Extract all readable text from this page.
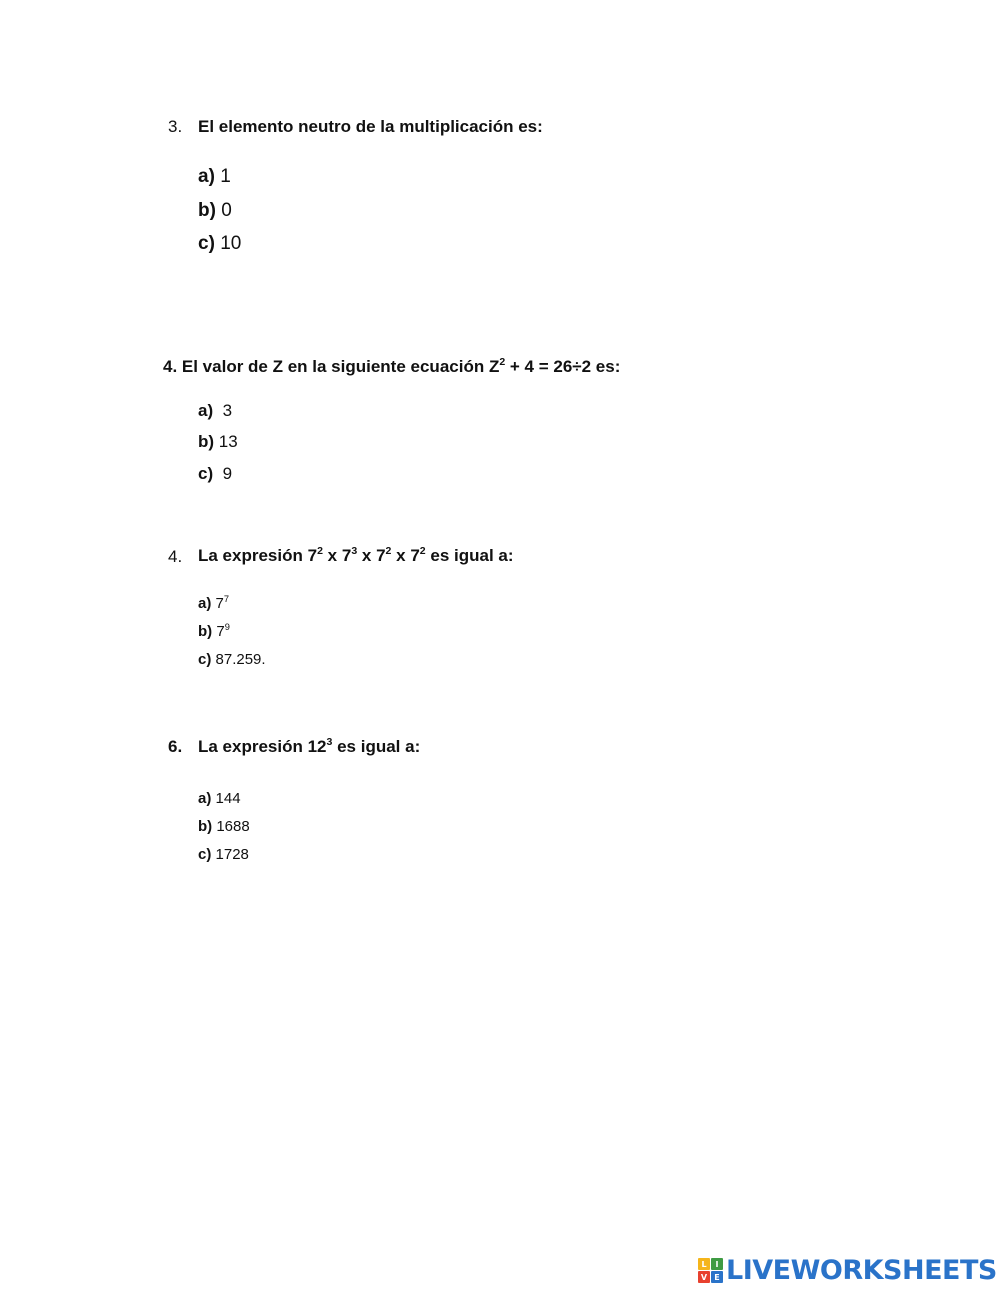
3. El elemento neutro de la multiplicación es:
a) 1
b) 0
c) 10
4. El valor de Z en la siguiente ecuación $Z^2 + 4 = 26\div 2$ es:
a)  3
b) 13
c)  9
4. La expresión $7^2$ x $7^3$ x $7^2$ x $7^2$ es igual a:
a) $7^7$
b) $7^9$
c) 87.259.
6. La expresión $12^3$ es igual a:
a) 144
b) 1688
c) 1728
L	I
V E LIVEWORKSHEETS
